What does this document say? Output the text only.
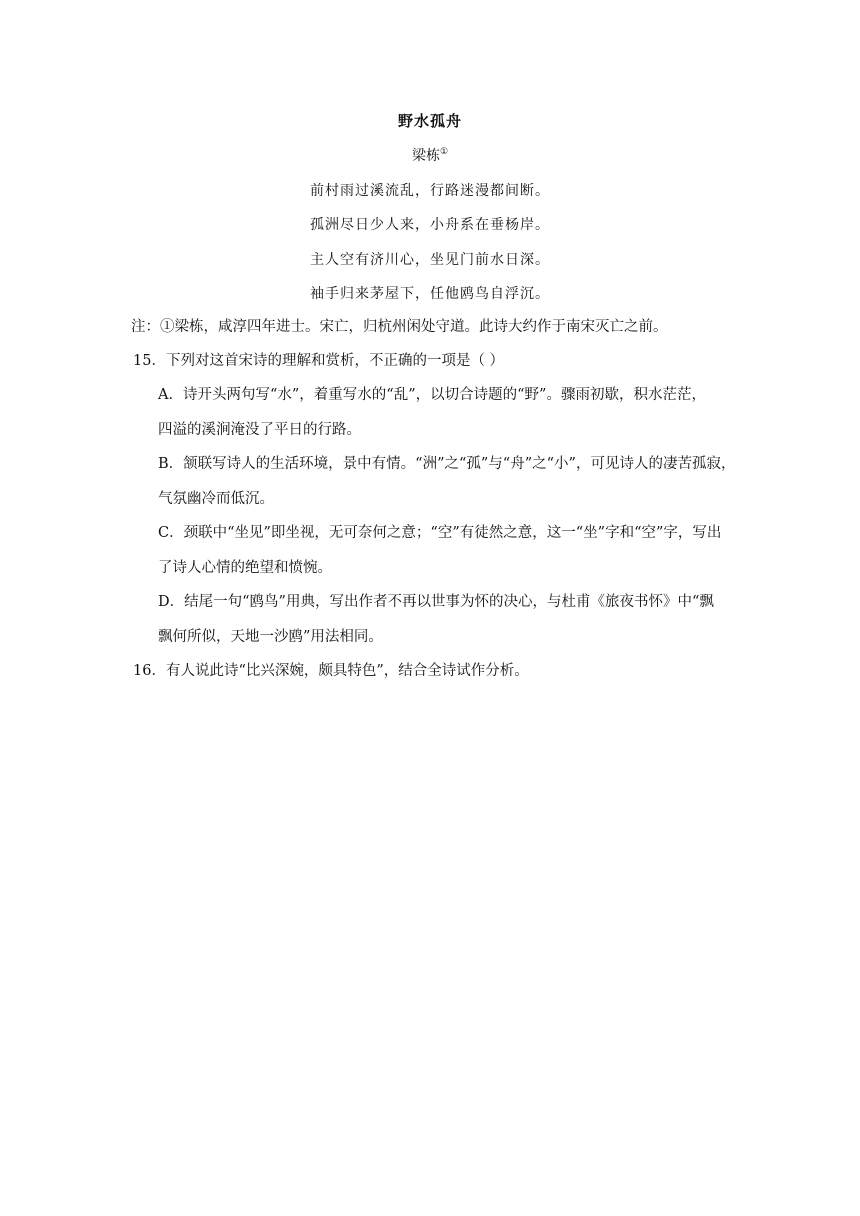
野水孤舟
梁栋①
前村雨过溪流乱，行路迷漫都间断。
孤洲尽日少人来，小舟系在垂杨岸。
主人空有济川心，坐见门前水日深。
袖手归来茅屋下，任他鸥鸟自浮沉。
注：①梁栋，咸淳四年进士。宋亡，归杭州闲处守道。此诗大约作于南宋灭亡之前。
15．下列对这首宋诗的理解和赏析，不正确的一项是（ ）
A．诗开头两句写“水”，着重写水的“乱”，以切合诗题的“野”。骤雨初歇，积水茫茫，
四溢的溪涧淹没了平日的行路。
B．颔联写诗人的生活环境，景中有情。“洲”之“孤”与“舟”之“小”，可见诗人的凄苦孤寂，
气氛幽冷而低沉。
C．颈联中“坐见”即坐视，无可奈何之意；“空”有徒然之意，这一“坐”字和“空”字，写出
了诗人心情的绝望和愤惋。
D．结尾一句“鸥鸟”用典，写出作者不再以世事为怀的决心，与杜甫《旅夜书怀》中“飘
飘何所似，天地一沙鸥”用法相同。
16．有人说此诗“比兴深婉，颇具特色”，结合全诗试作分析。
